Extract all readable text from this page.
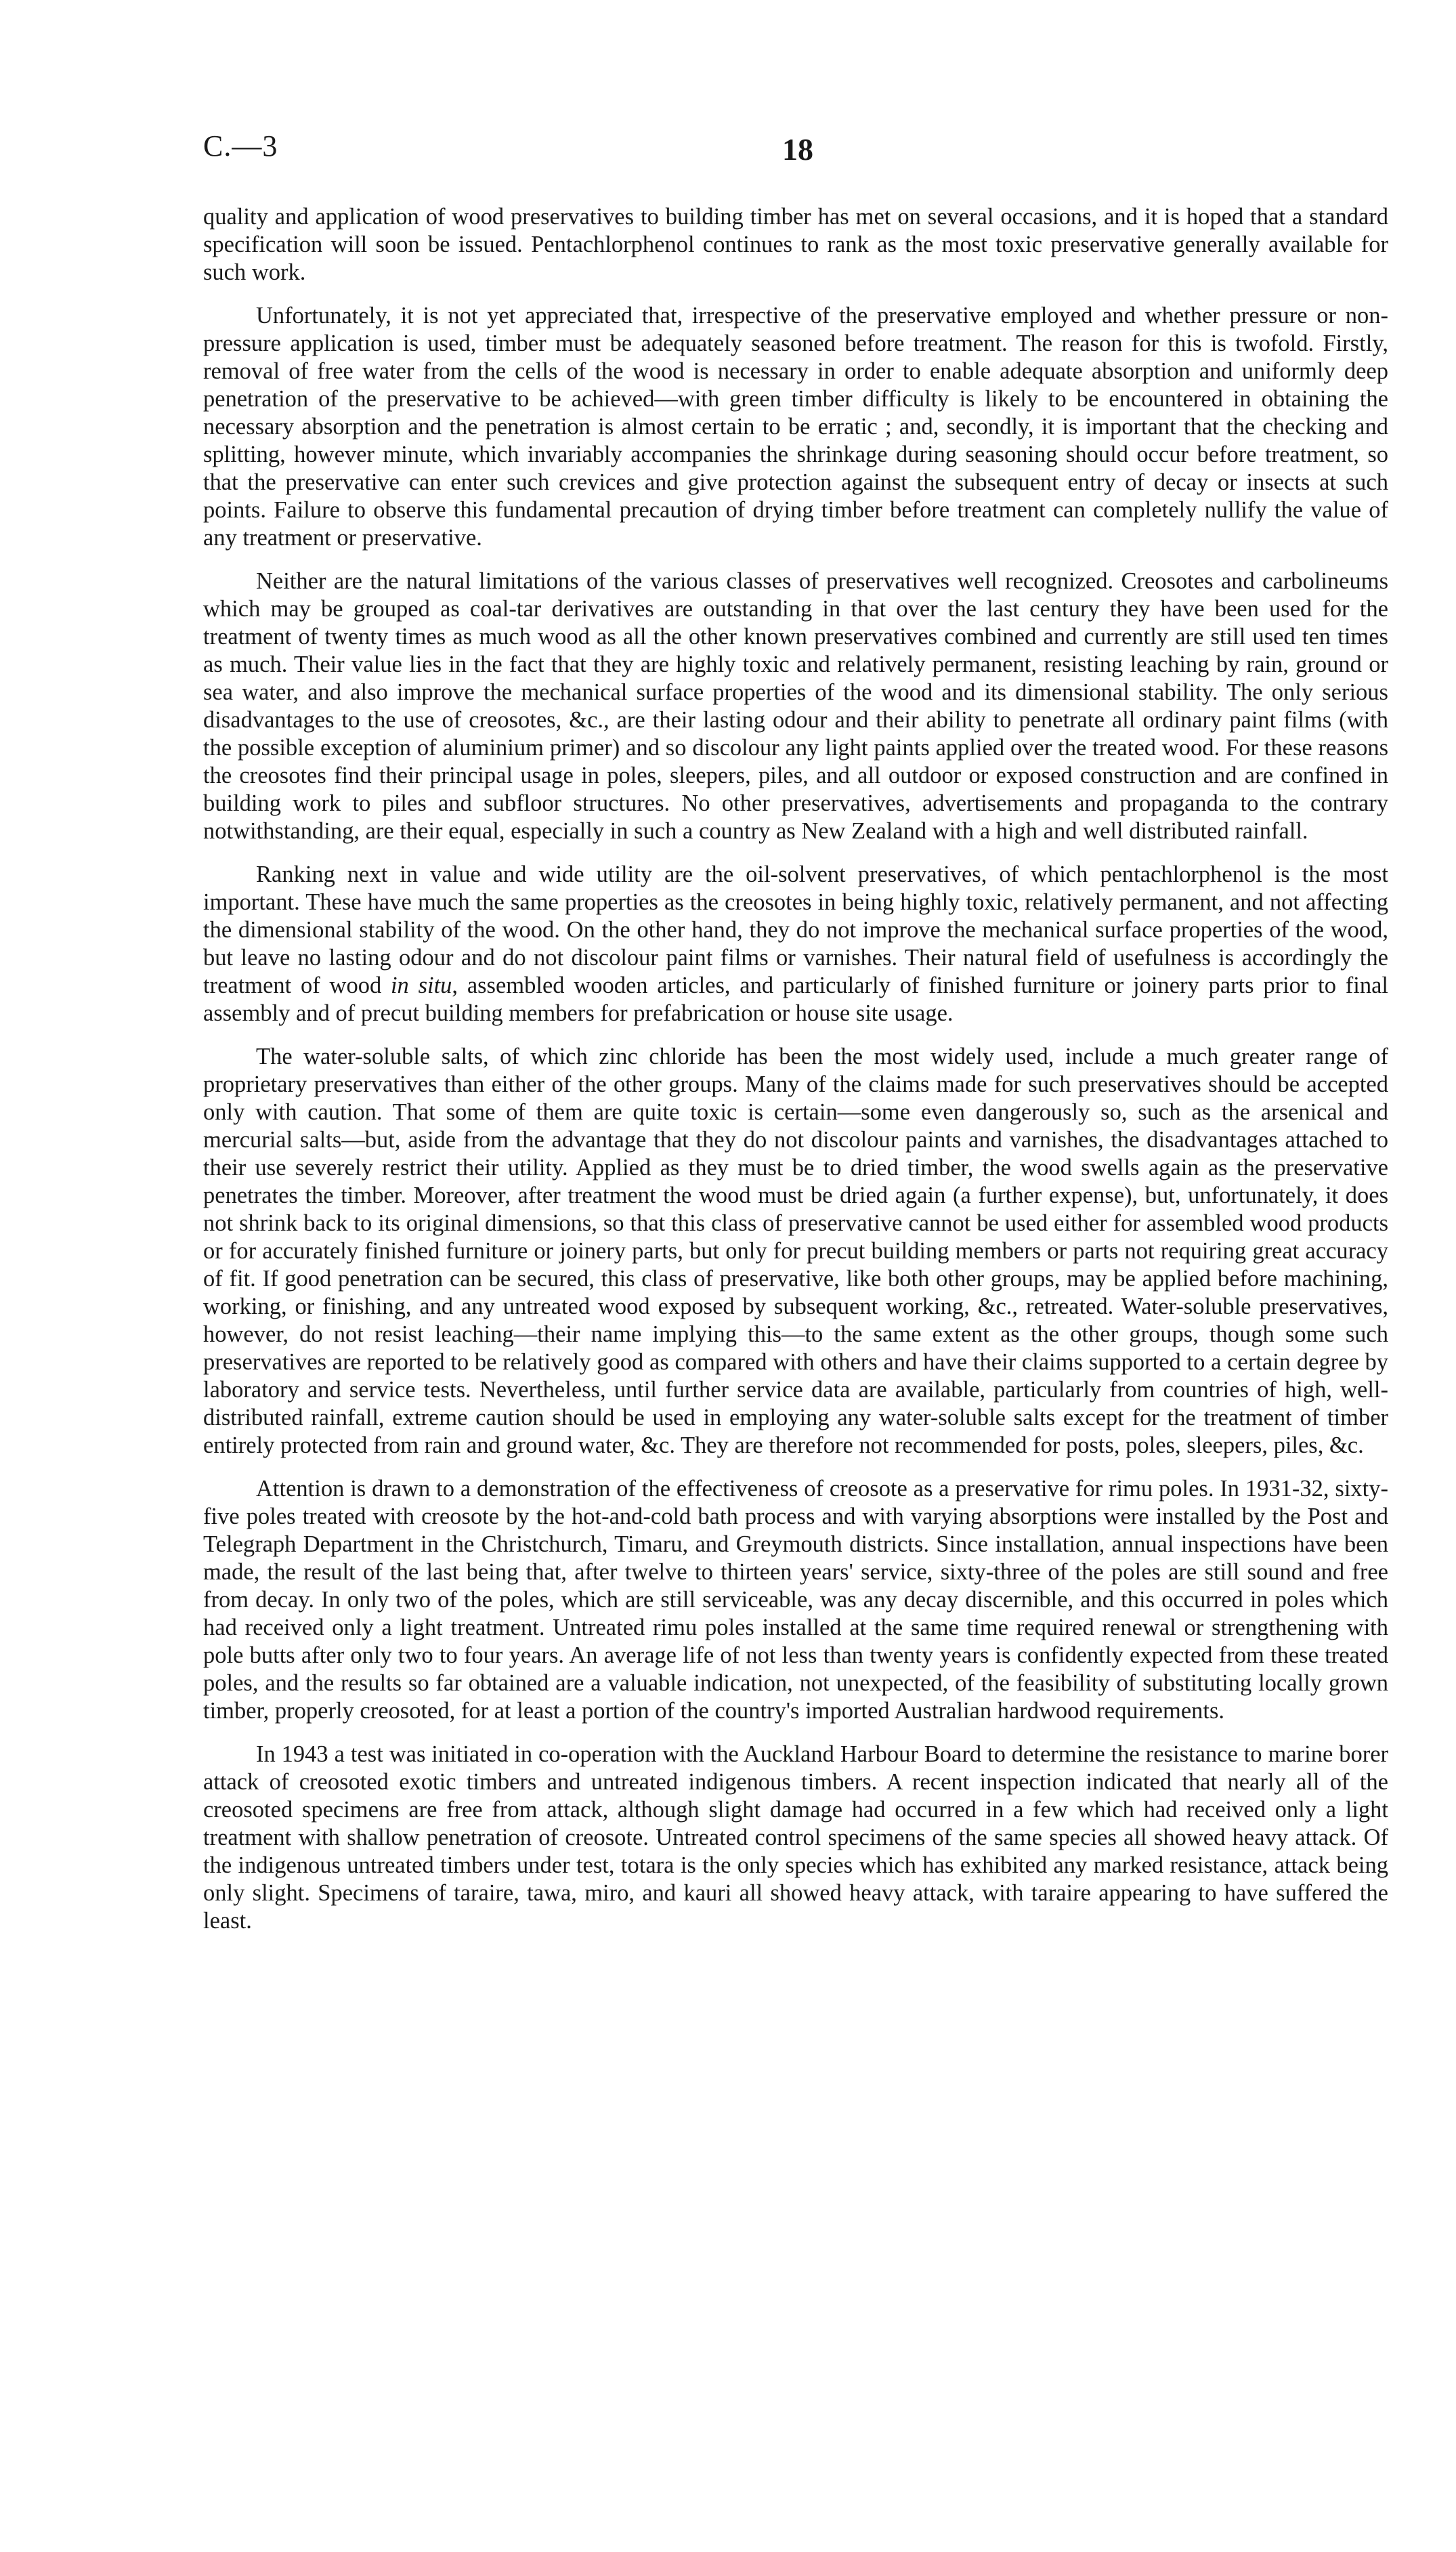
C.—3	18

quality and application of wood preservatives to building timber has met on several occasions, and it is hoped that a standard specification will soon be issued. Pentachlorphenol continues to rank as the most toxic preservative generally available for such work.

Unfortunately, it is not yet appreciated that, irrespective of the preservative employed and whether pressure or non-pressure application is used, timber must be adequately seasoned before treatment. The reason for this is twofold. Firstly, removal of free water from the cells of the wood is necessary in order to enable adequate absorption and uniformly deep penetration of the preservative to be achieved—with green timber difficulty is likely to be encountered in obtaining the necessary absorption and the penetration is almost certain to be erratic ; and, secondly, it is important that the checking and splitting, however minute, which invariably accompanies the shrinkage during seasoning should occur before treatment, so that the preservative can enter such crevices and give protection against the subsequent entry of decay or insects at such points. Failure to observe this fundamental precaution of drying timber before treatment can completely nullify the value of any treatment or preservative.

Neither are the natural limitations of the various classes of preservatives well recognized. Creosotes and carbolineums which may be grouped as coal-tar derivatives are outstanding in that over the last century they have been used for the treatment of twenty times as much wood as all the other known preservatives combined and currently are still used ten times as much. Their value lies in the fact that they are highly toxic and relatively permanent, resisting leaching by rain, ground or sea water, and also improve the mechanical surface properties of the wood and its dimensional stability. The only serious disadvantages to the use of creosotes, &c., are their lasting odour and their ability to penetrate all ordinary paint films (with the possible exception of aluminium primer) and so discolour any light paints applied over the treated wood. For these reasons the creosotes find their principal usage in poles, sleepers, piles, and all outdoor or exposed construction and are confined in building work to piles and subfloor structures. No other preservatives, advertisements and propaganda to the contrary notwithstanding, are their equal, especially in such a country as New Zealand with a high and well distributed rainfall.

Ranking next in value and wide utility are the oil-solvent preservatives, of which pentachlorphenol is the most important. These have much the same properties as the creosotes in being highly toxic, relatively permanent, and not affecting the dimensional stability of the wood. On the other hand, they do not improve the mechanical surface properties of the wood, but leave no lasting odour and do not discolour paint films or varnishes. Their natural field of usefulness is accordingly the treatment of wood in situ, assembled wooden articles, and particularly of finished furniture or joinery parts prior to final assembly and of precut building members for prefabrication or house site usage.

The water-soluble salts, of which zinc chloride has been the most widely used, include a much greater range of proprietary preservatives than either of the other groups. Many of the claims made for such preservatives should be accepted only with caution. That some of them are quite toxic is certain—some even dangerously so, such as the arsenical and mercurial salts—but, aside from the advantage that they do not discolour paints and varnishes, the disadvantages attached to their use severely restrict their utility. Applied as they must be to dried timber, the wood swells again as the preservative penetrates the timber. Moreover, after treatment the wood must be dried again (a further expense), but, unfortunately, it does not shrink back to its original dimensions, so that this class of preservative cannot be used either for assembled wood products or for accurately finished furniture or joinery parts, but only for precut building members or parts not requiring great accuracy of fit. If good penetration can be secured, this class of preservative, like both other groups, may be applied before machining, working, or finishing, and any untreated wood exposed by subsequent working, &c., retreated. Water-soluble preservatives, however, do not resist leaching—their name implying this—to the same extent as the other groups, though some such preservatives are reported to be relatively good as compared with others and have their claims supported to a certain degree by laboratory and service tests. Nevertheless, until further service data are available, particularly from countries of high, well-distributed rainfall, extreme caution should be used in employing any water-soluble salts except for the treatment of timber entirely protected from rain and ground water, &c. They are therefore not recommended for posts, poles, sleepers, piles, &c.

Attention is drawn to a demonstration of the effectiveness of creosote as a preservative for rimu poles. In 1931-32, sixty-five poles treated with creosote by the hot-and-cold bath process and with varying absorptions were installed by the Post and Telegraph Department in the Christchurch, Timaru, and Greymouth districts. Since installation, annual inspections have been made, the result of the last being that, after twelve to thirteen years' service, sixty-three of the poles are still sound and free from decay. In only two of the poles, which are still serviceable, was any decay discernible, and this occurred in poles which had received only a light treatment. Untreated rimu poles installed at the same time required renewal or strengthening with pole butts after only two to four years. An average life of not less than twenty years is confidently expected from these treated poles, and the results so far obtained are a valuable indication, not unexpected, of the feasibility of substituting locally grown timber, properly creosoted, for at least a portion of the country's imported Australian hardwood requirements.

In 1943 a test was initiated in co-operation with the Auckland Harbour Board to determine the resistance to marine borer attack of creosoted exotic timbers and untreated indigenous timbers. A recent inspection indicated that nearly all of the creosoted specimens are free from attack, although slight damage had occurred in a few which had received only a light treatment with shallow penetration of creosote. Untreated control specimens of the same species all showed heavy attack. Of the indigenous untreated timbers under test, totara is the only species which has exhibited any marked resistance, attack being only slight. Specimens of taraire, tawa, miro, and kauri all showed heavy attack, with taraire appearing to have suffered the least.
